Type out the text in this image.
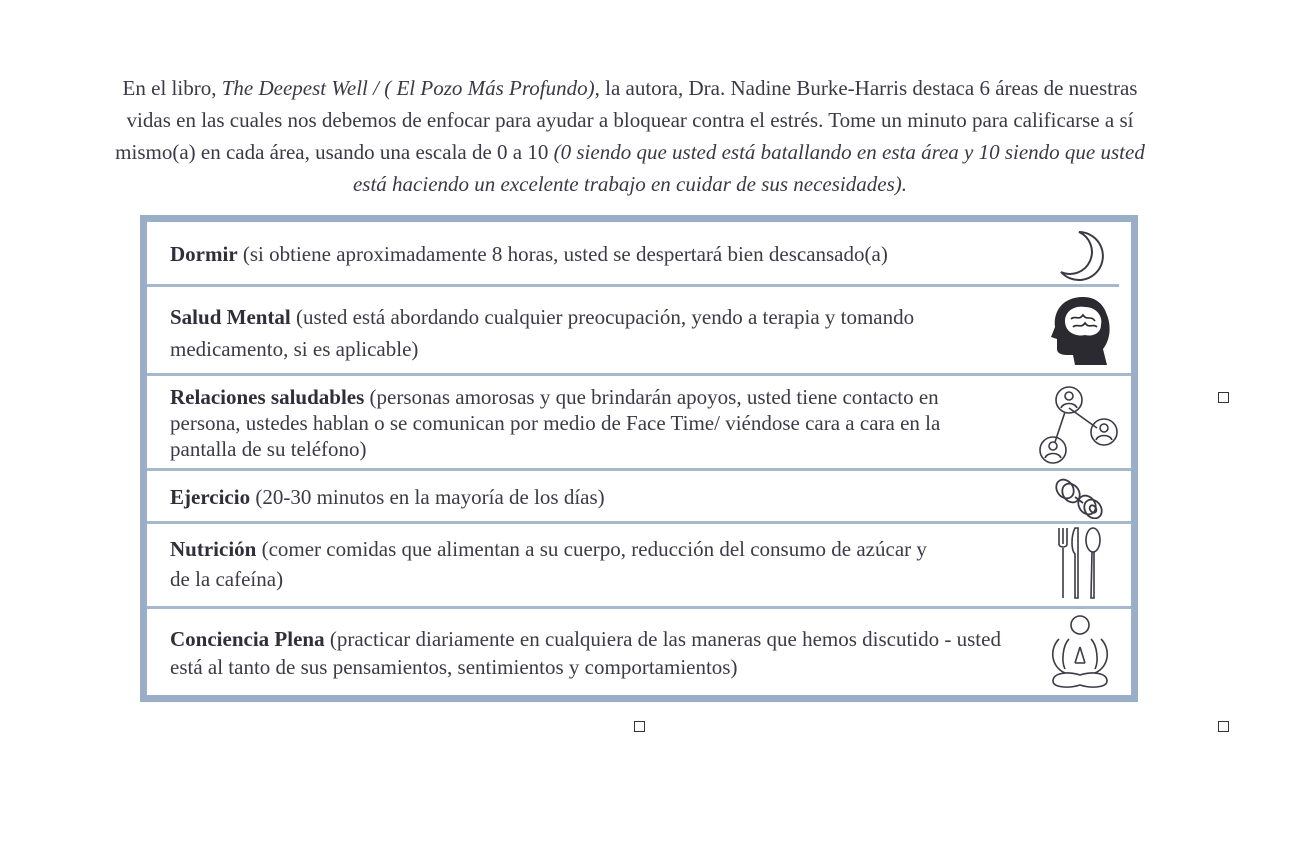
En el libro, The Deepest Well / ( El Pozo Más Profundo), la autora, Dra. Nadine Burke-Harris destaca 6 áreas de nuestras vidas en las cuales nos debemos de enfocar para ayudar a bloquear contra el estrés. Tome un minuto para calificarse a sí mismo(a) en cada área, usando una escala de 0 a 10 (0 siendo que usted está batallando en esta área y 10 siendo que usted está haciendo un excelente trabajo en cuidar de sus necesidades).
Dormir (si obtiene aproximadamente 8 horas, usted se despertará bien descansado(a)
Salud Mental (usted está abordando cualquier preocupación, yendo a terapia y tomando medicamento, si es aplicable)
Relaciones saludables (personas amorosas y que brindarán apoyos, usted tiene contacto en persona, ustedes hablan o se comunican por medio de Face Time/ viéndose cara a cara en la pantalla de su teléfono)
Ejercicio (20-30 minutos en la mayoría de los días)
Nutrición (comer comidas que alimentan a su cuerpo, reducción del consumo de azúcar y de la cafeína)
Conciencia Plena (practicar diariamente en cualquiera de las maneras que hemos discutido - usted está al tanto de sus pensamientos, sentimientos y comportamientos)
